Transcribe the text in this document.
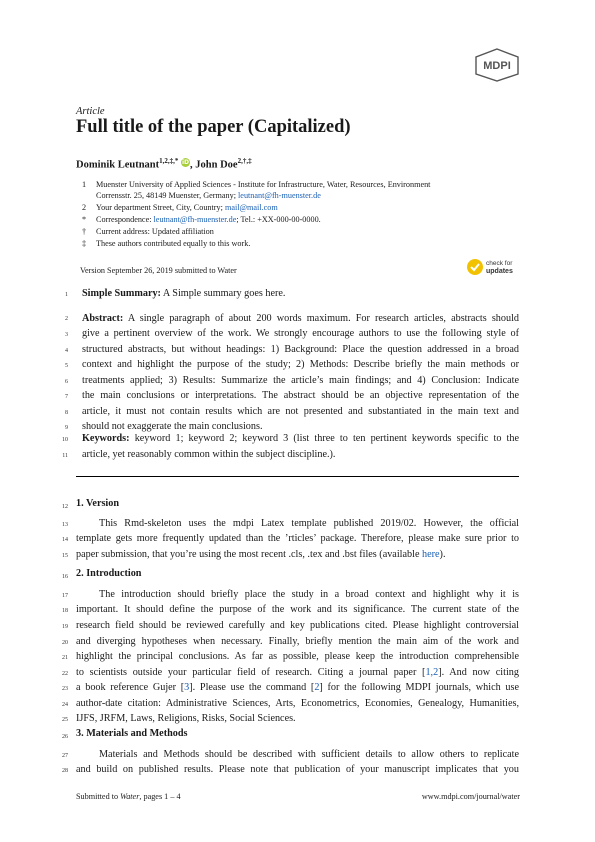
MDPI
Article
Full title of the paper (Capitalized)
Dominik Leutnant$^{1,2,\ddagger,*}$ iD, John Doe$^{2,\dagger,\ddagger}$
1 Muenster University of Applied Sciences - Institute for Infrastructure, Water, Resources, Environment
Corrensstr. 25, 48149 Muenster, Germany; leutnant@fh-muenster.de
2 Your department Street, City, Country; mail@mail.com
* Correspondence: leutnant@fh-muenster.de; Tel.: +XX-000-00-0000.
† Current address: Updated affiliation
‡ These authors contributed equally to this work.
Version September 26, 2019 submitted to Water
check for
updates
1
2
3
4
5
6
7
8
9
10
11
12
13
14
15
16
17
18
19
20
21
22
23
24
25
26
27
28
Simple Summary: A Simple summary goes here.
Abstract: A single paragraph of about 200 words maximum. For research articles, abstracts should
give a pertinent overview of the work. We strongly encourage authors to use the following style of
structured abstracts, but without headings: 1) Background: Place the question addressed in a broad
context and highlight the purpose of the study; 2) Methods: Describe briefly the main methods or
treatments applied; 3) Results: Summarize the article’s main findings; and 4) Conclusion: Indicate
the main conclusions or interpretations. The abstract should be an objective representation of the
article, it must not contain results which are not presented and substantiated in the main text and
should not exaggerate the main conclusions.
Keywords: keyword 1; keyword 2; keyword 3 (list three to ten pertinent keywords specific to the
article, yet reasonably common within the subject discipline.).
1. Version
This Rmd-skeleton uses the mdpi Latex template published 2019/02. However, the official
template gets more frequently updated than the ’rticles’ package. Therefore, please make sure prior to
paper submission, that you’re using the most recent .cls, .tex and .bst files (available here).
2. Introduction
The introduction should briefly place the study in a broad context and highlight why it is
important. It should define the purpose of the work and its significance. The current state of the
research field should be reviewed carefully and key publications cited. Please highlight controversial
and diverging hypotheses when necessary. Finally, briefly mention the main aim of the work and
highlight the principal conclusions. As far as possible, please keep the introduction comprehensible
to scientists outside your particular field of research. Citing a journal paper [1,2]. And now citing
a book reference Gujer [3]. Please use the command [2] for the following MDPI journals, which use
author-date citation: Administrative Sciences, Arts, Econometrics, Economies, Genealogy, Humanities,
IJFS, JRFM, Laws, Religions, Risks, Social Sciences.
3. Materials and Methods
Materials and Methods should be described with sufficient details to allow others to replicate
and build on published results. Please note that publication of your manuscript implicates that you
Submitted to Water, pages 1 – 4	www.mdpi.com/journal/water
